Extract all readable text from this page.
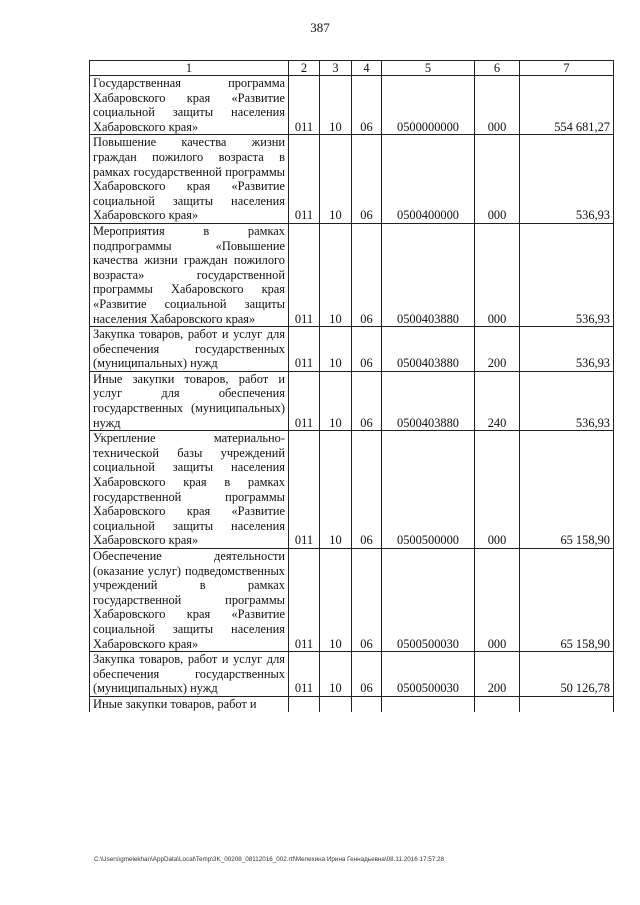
387
1	2	3	4	5	6	7
Государственная программа Хабаровского края «Развитие социальной защиты населения Хабаровского края»	011	10	06	0500000000	000	554 681,27
Повышение качества жизни граждан пожилого возраста в рамках государственной программы Хабаровского края «Развитие социальной защиты населения Хабаровского края»	011	10	06	0500400000	000	536,93
Мероприятия в рамках подпрограммы «Повышение качества жизни граждан пожилого возраста» государственной программы Хабаровского края «Развитие социальной защиты населения Хабаровского края»	011	10	06	0500403880	000	536,93
Закупка товаров, работ и услуг для обеспечения государственных (муниципальных) нужд	011	10	06	0500403880	200	536,93
Иные закупки товаров, работ и услуг для обеспечения государственных (муниципальных) нужд	011	10	06	0500403880	240	536,93
Укрепление материально-технической базы учреждений социальной защиты населения Хабаровского края в рамках государственной программы Хабаровского края «Развитие социальной защиты населения Хабаровского края»	011	10	06	0500500000	000	65 158,90
Обеспечение деятельности (оказание услуг) подведомственных учреждений в рамках государственной программы Хабаровского края «Развитие социальной защиты населения Хабаровского края»	011	10	06	0500500030	000	65 158,90
Закупка товаров, работ и услуг для обеспечения государственных (муниципальных) нужд	011	10	06	0500500030	200	50 126,78
Иные закупки товаров, работ и						
C:\Users\gmelekhan\AppData\Local\Temp\3K_00208_08112016_002.rtf\Мелехина Ирина Геннадьевна\08.11.2016 17:57:28
